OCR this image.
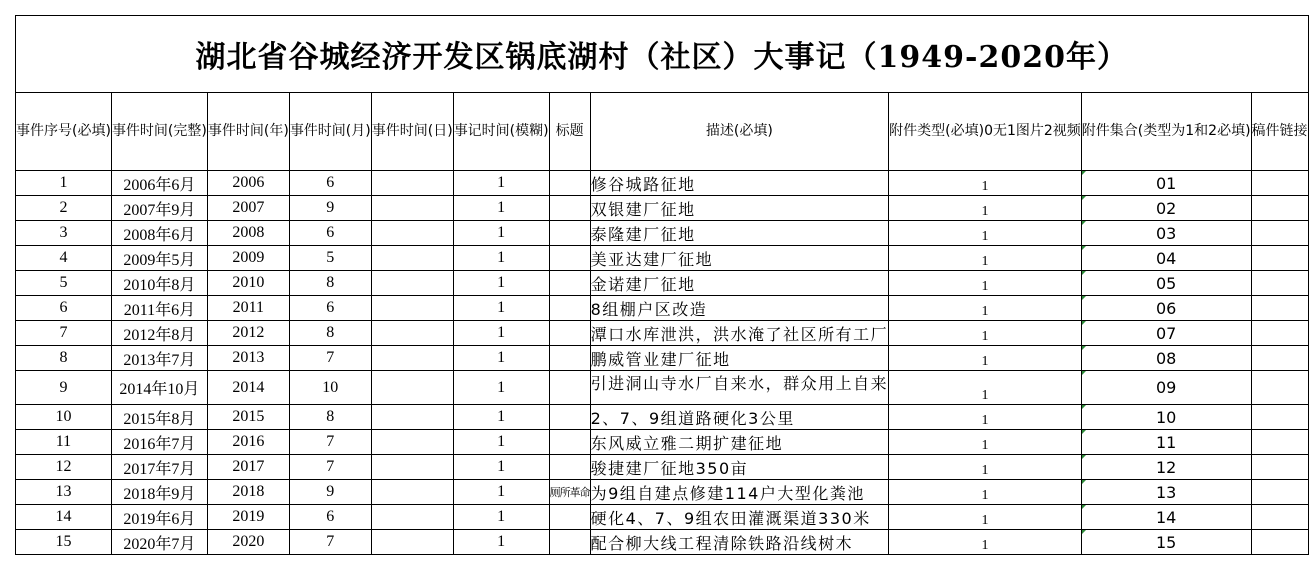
湖北省谷城经济开发区锅底湖村（社区）大事记（1949-2020年）										
事件序号(必填)	事件时间(完整)	事件时间(年)	事件时间(月)	事件时间(日)	事记时间(模糊)	标题	描述(必填)	附件类型(必填)0无1图片2视频	附件集合(类型为1和2必填)	稿件链接
1	2006年6月	2006	6		1		修谷城路征地	1	01	
2	2007年9月	2007	9		1		双银建厂征地	1	02	
3	2008年6月	2008	6		1		泰隆建厂征地	1	03	
4	2009年5月	2009	5		1		美亚达建厂征地	1	04	
5	2010年8月	2010	8		1		金诺建厂征地	1	05	
6	2011年6月	2011	6		1		8组棚户区改造	1	06	
7	2012年8月	2012	8		1		潭口水库泄洪，洪水淹了社区所有工厂	1	07	
8	2013年7月	2013	7		1		鹏威管业建厂征地	1	08	
9	2014年10月	2014	10		1		引进洞山寺水厂自来水，群众用上自来	1	09	
10	2015年8月	2015	8		1		2、7、9组道路硬化3公里	1	10	
11	2016年7月	2016	7		1		东风威立雅二期扩建征地	1	11	
12	2017年7月	2017	7		1		骏捷建厂征地350亩	1	12	
13	2018年9月	2018	9		1	厕所革命	为9组自建点修建114户大型化粪池	1	13	
14	2019年6月	2019	6		1		硬化4、7、9组农田灌溉渠道330米	1	14	
15	2020年7月	2020	7		1		配合柳大线工程清除铁路沿线树木	1	15	
